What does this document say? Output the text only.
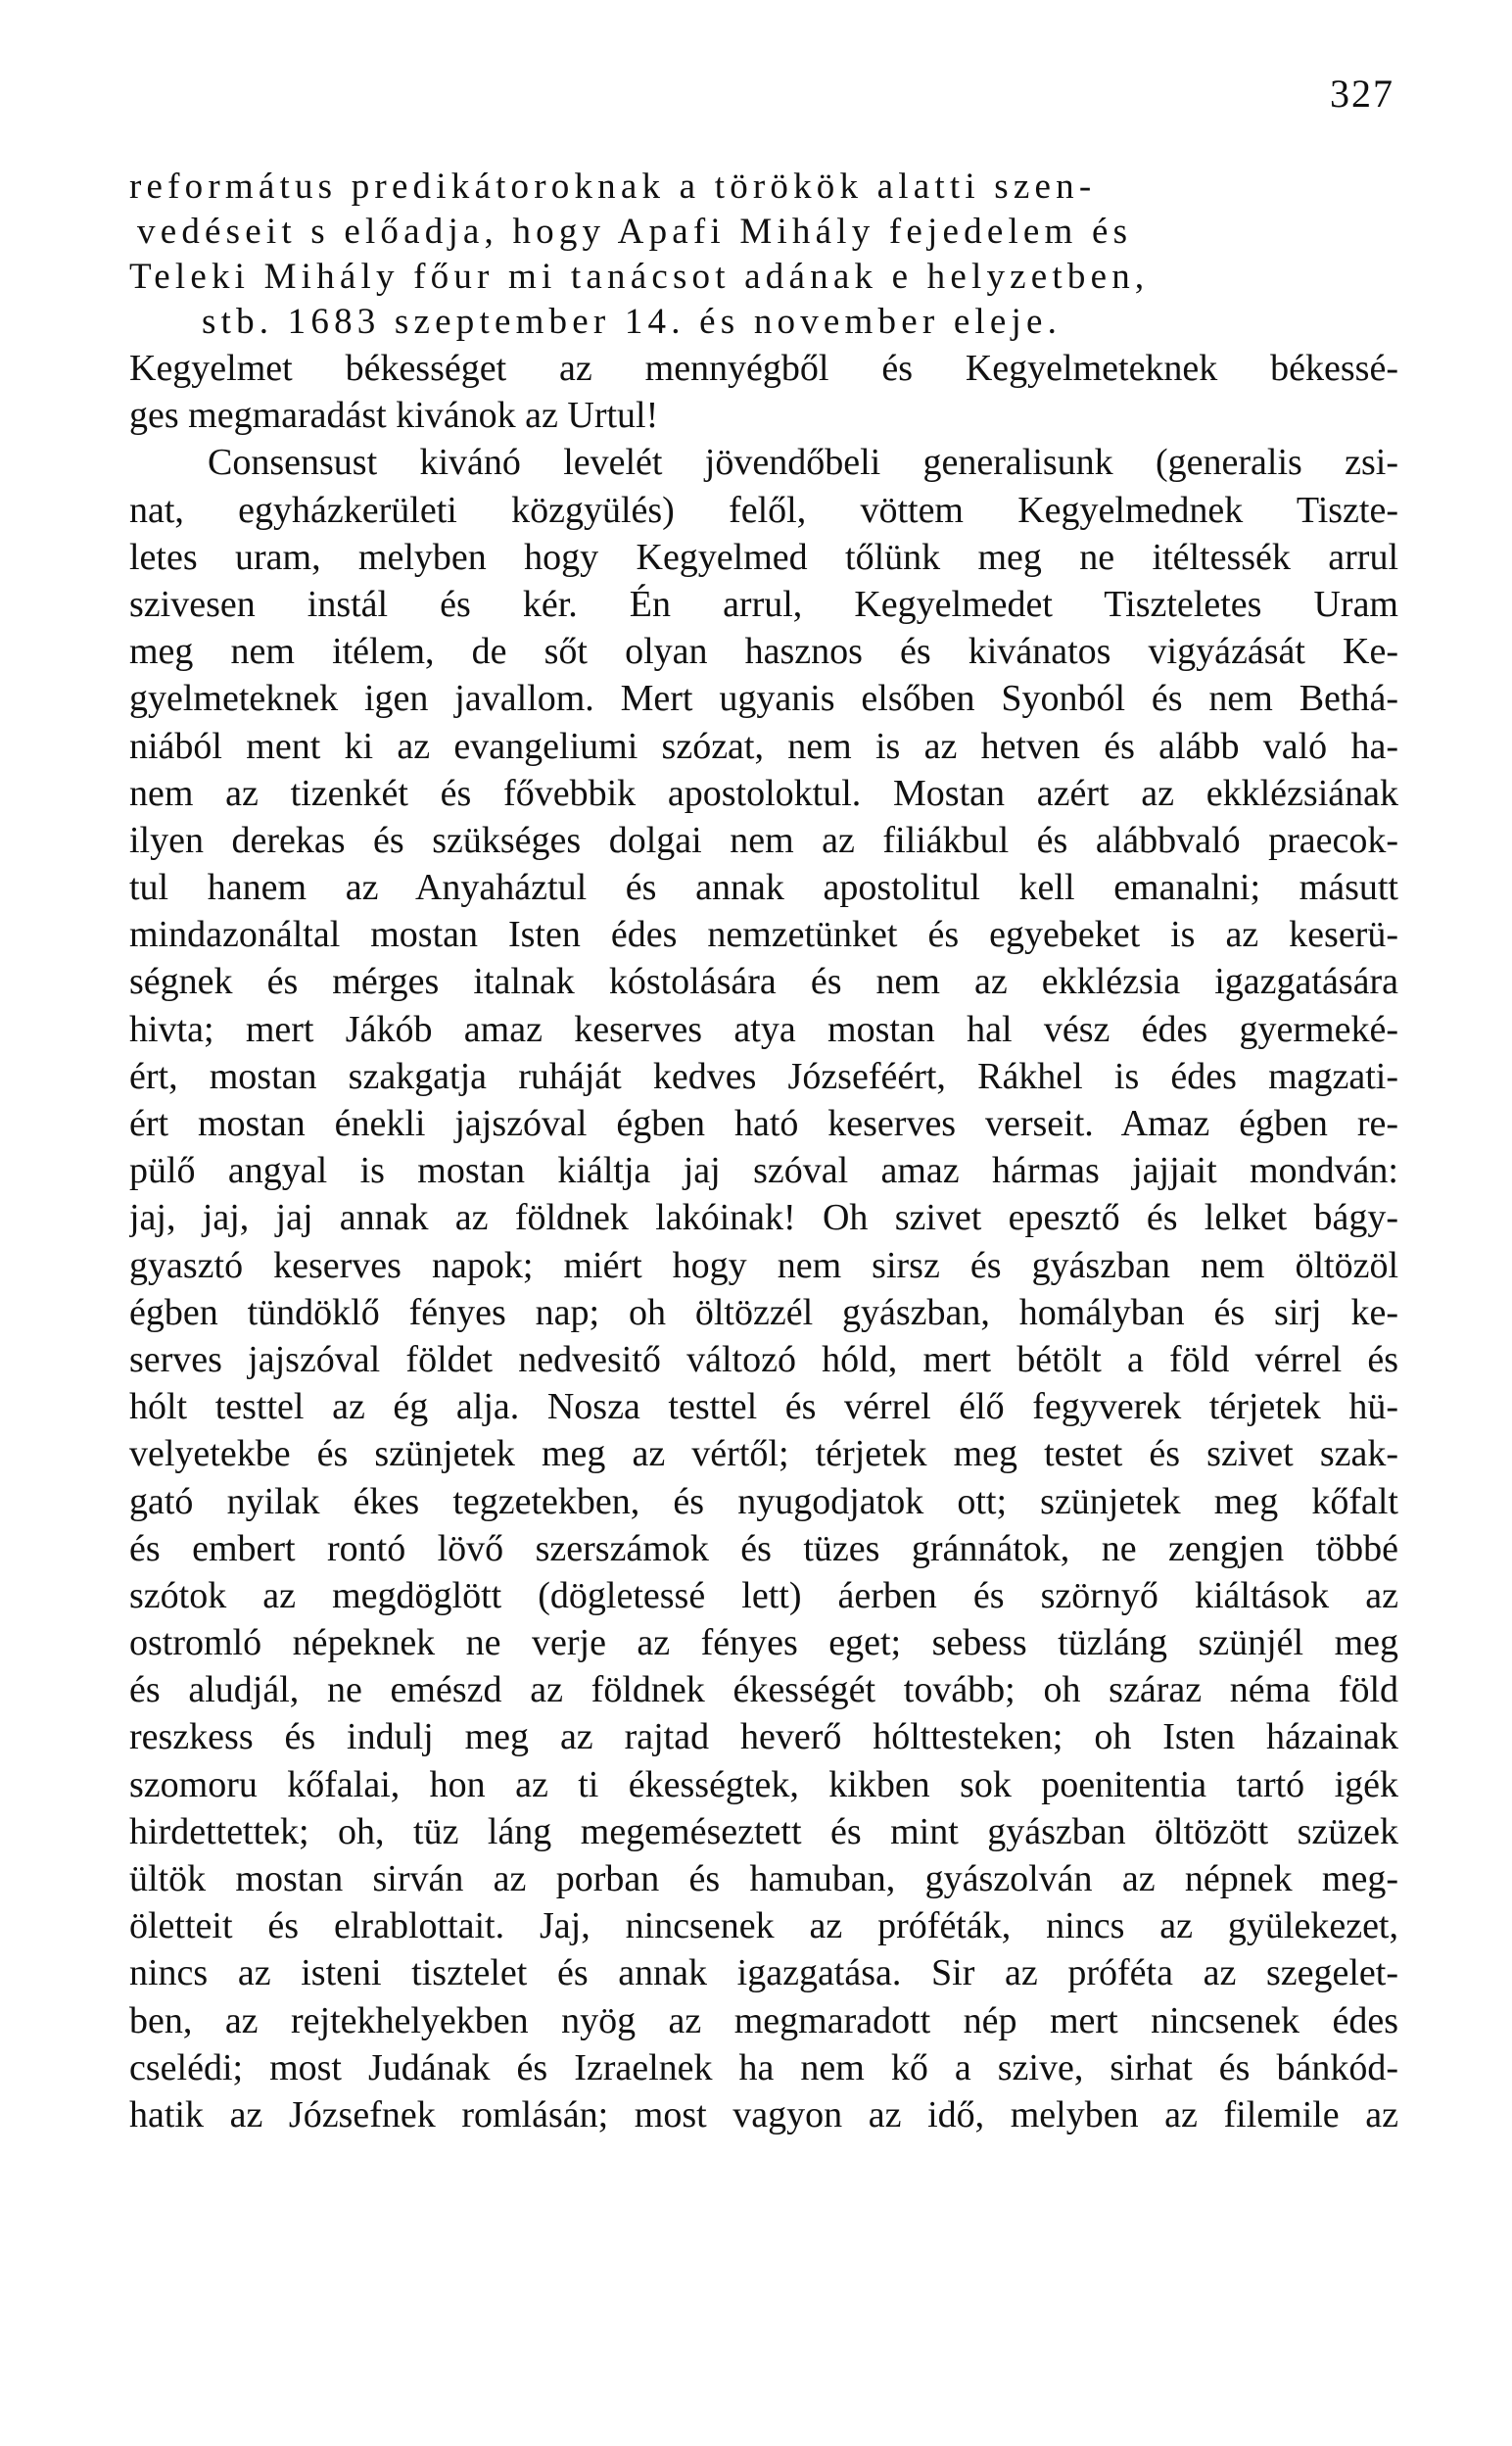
327
református predikátoroknak a törökök alatti szen-
vedéseit s előadja, hogy Apafi Mihály fejedelem és
Teleki Mihály főur mi tanácsot adának e helyzetben,
stb. 1683 szeptember 14. és november eleje.
Kegyelmet békességet az mennyégből és Kegyelmeteknek békessé-
ges megmaradást kivánok az Urtul!
Consensust kivánó levelét jövendőbeli generalisunk (generalis zsi-
nat, egyházkerületi közgyülés) felől, vöttem Kegyelmednek Tiszte-
letes uram, melyben hogy Kegyelmed tőlünk meg ne itéltessék arrul
szivesen instál és kér. Én arrul, Kegyelmedet Tiszteletes Uram
meg nem itélem, de sőt olyan hasznos és kivánatos vigyázását Ke-
gyelmeteknek igen javallom. Mert ugyanis elsőben Syonból és nem Bethá-
niából ment ki az evangeliumi szózat, nem is az hetven és alább való ha-
nem az tizenkét és fővebbik apostoloktul. Mostan azért az ekklézsiának
ilyen derekas és szükséges dolgai nem az filiákbul és alábbvaló praecok-
tul hanem az Anyaháztul és annak apostolitul kell emanalni; másutt
mindazonáltal mostan Isten édes nemzetünket és egyebeket is az keserü-
ségnek és mérges italnak kóstolására és nem az ekklézsia igazgatására
hivta; mert Jákób amaz keserves atya mostan hal vész édes gyermeké-
ért, mostan szakgatja ruháját kedves Józseféért, Rákhel is édes magzati-
ért mostan énekli jajszóval égben ható keserves verseit. Amaz égben re-
pülő angyal is mostan kiáltja jaj szóval amaz hármas jajjait mondván:
jaj, jaj, jaj annak az földnek lakóinak! Oh szivet epesztő és lelket bágy-
gyasztó keserves napok; miért hogy nem sirsz és gyászban nem öltözöl
égben tündöklő fényes nap; oh öltözzél gyászban, homályban és sirj ke-
serves jajszóval földet nedvesitő változó hóld, mert bétölt a föld vérrel és
hólt testtel az ég alja. Nosza testtel és vérrel élő fegyverek térjetek hü-
velyetekbe és szünjetek meg az vértől; térjetek meg testet és szivet szak-
gató nyilak ékes tegzetekben, és nyugodjatok ott; szünjetek meg kőfalt
és embert rontó lövő szerszámok és tüzes gránnátok, ne zengjen többé
szótok az megdöglött (dögletessé lett) áerben és szörnyő kiáltások az
ostromló népeknek ne verje az fényes eget; sebess tüzláng szünjél meg
és aludjál, ne emészd az földnek ékességét tovább; oh száraz néma föld
reszkess és indulj meg az rajtad heverő hólttesteken; oh Isten házainak
szomoru kőfalai, hon az ti ékességtek, kikben sok poenitentia tartó igék
hirdettettek; oh, tüz láng megeméseztett és mint gyászban öltözött szüzek
ültök mostan sirván az porban és hamuban, gyászolván az népnek meg-
öletteit és elrablottait. Jaj, nincsenek az próféták, nincs az gyülekezet,
nincs az isteni tisztelet és annak igazgatása. Sir az próféta az szegelet-
ben, az rejtekhelyekben nyög az megmaradott nép mert nincsenek édes
cselédi; most Judának és Izraelnek ha nem kő a szive, sirhat és bánkód-
hatik az Józsefnek romlásán; most vagyon az idő, melyben az filemile az
